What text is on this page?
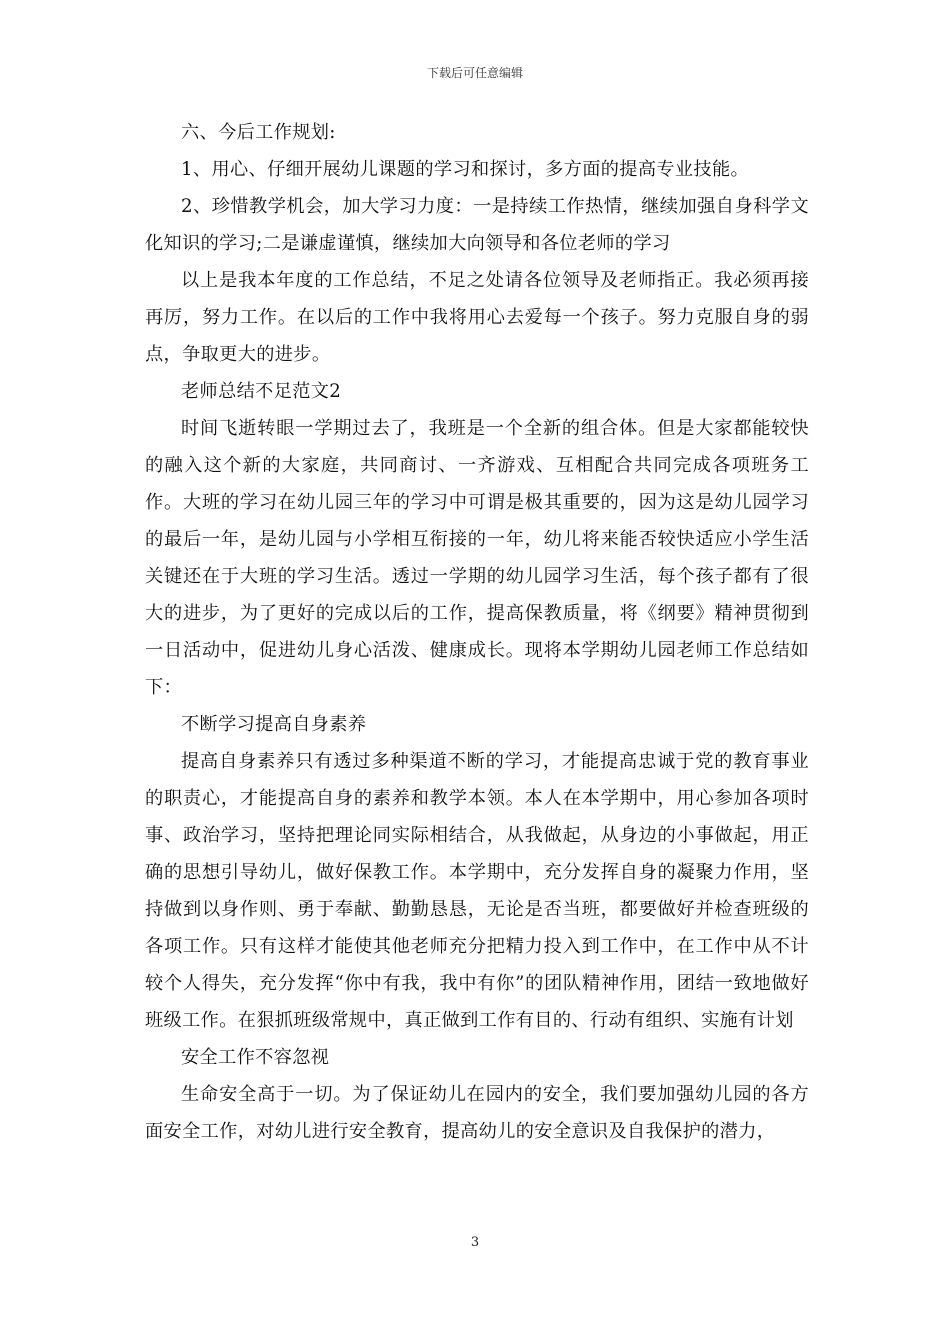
下载后可任意编辑

六、今后工作规划:

1、用心、仔细开展幼儿课题的学习和探讨，多方面的提高专业技能。

2、珍惜教学机会，加大学习力度：一是持续工作热情，继续加强自身科学文化知识的学习;二是谦虚谨慎，继续加大向领导和各位老师的学习

以上是我本年度的工作总结，不足之处请各位领导及老师指正。我必须再接再厉，努力工作。在以后的工作中我将用心去爱每一个孩子。努力克服自身的弱点，争取更大的进步。

老师总结不足范文2

时间飞逝转眼一学期过去了，我班是一个全新的组合体。但是大家都能较快的融入这个新的大家庭，共同商讨、一齐游戏、互相配合共同完成各项班务工作。大班的学习在幼儿园三年的学习中可谓是极其重要的，因为这是幼儿园学习的最后一年，是幼儿园与小学相互衔接的一年，幼儿将来能否较快适应小学生活关键还在于大班的学习生活。透过一学期的幼儿园学习生活，每个孩子都有了很大的进步，为了更好的完成以后的工作，提高保教质量，将《纲要》精神贯彻到一日活动中，促进幼儿身心活泼、健康成长。现将本学期幼儿园老师工作总结如下：

不断学习提高自身素养

提高自身素养只有透过多种渠道不断的学习，才能提高忠诚于党的教育事业的职责心，才能提高自身的素养和教学本领。本人在本学期中，用心参加各项时事、政治学习，坚持把理论同实际相结合，从我做起，从身边的小事做起，用正确的思想引导幼儿，做好保教工作。本学期中，充分发挥自身的凝聚力作用，坚持做到以身作则、勇于奉献、勤勤恳恳，无论是否当班，都要做好并检查班级的各项工作。只有这样才能使其他老师充分把精力投入到工作中，在工作中从不计较个人得失，充分发挥“你中有我，我中有你”的团队精神作用，团结一致地做好班级工作。在狠抓班级常规中，真正做到工作有目的、行动有组织、实施有计划

安全工作不容忽视

生命安全高于一切。为了保证幼儿在园内的安全，我们要加强幼儿园的各方面安全工作，对幼儿进行安全教育，提高幼儿的安全意识及自我保护的潜力，

3
